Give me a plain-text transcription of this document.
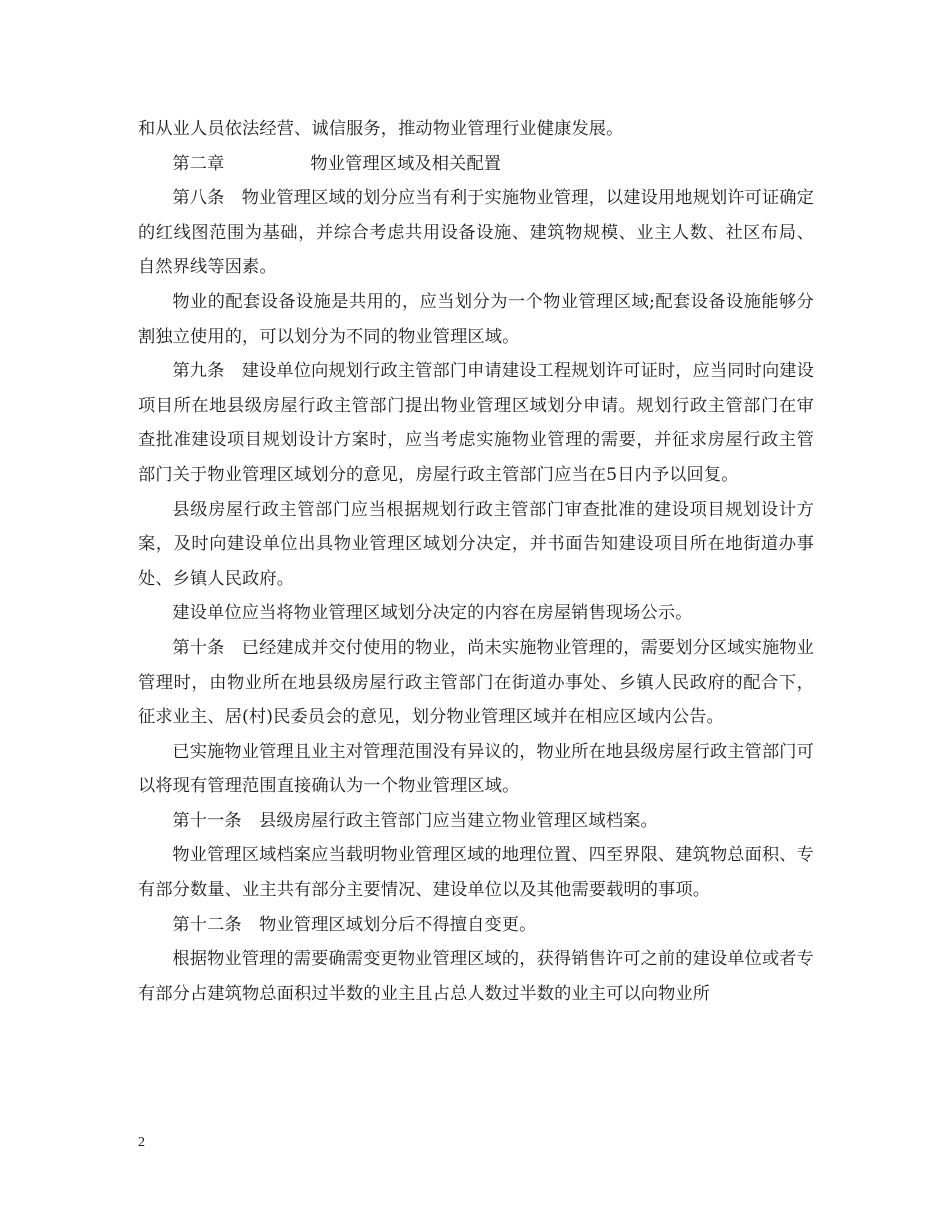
和从业人员依法经营、诚信服务，推动物业管理行业健康发展。

第二章	物业管理区域及相关配置

第八条　物业管理区域的划分应当有利于实施物业管理，以建设用地规划许可证确定的红线图范围为基础，并综合考虑共用设备设施、建筑物规模、业主人数、社区布局、自然界线等因素。

物业的配套设备设施是共用的，应当划分为一个物业管理区域;配套设备设施能够分割独立使用的，可以划分为不同的物业管理区域。

第九条　建设单位向规划行政主管部门申请建设工程规划许可证时，应当同时向建设项目所在地县级房屋行政主管部门提出物业管理区域划分申请。规划行政主管部门在审查批准建设项目规划设计方案时，应当考虑实施物业管理的需要，并征求房屋行政主管部门关于物业管理区域划分的意见，房屋行政主管部门应当在5日内予以回复。

县级房屋行政主管部门应当根据规划行政主管部门审查批准的建设项目规划设计方案，及时向建设单位出具物业管理区域划分决定，并书面告知建设项目所在地街道办事处、乡镇人民政府。

建设单位应当将物业管理区域划分决定的内容在房屋销售现场公示。

第十条　已经建成并交付使用的物业，尚未实施物业管理的，需要划分区域实施物业管理时，由物业所在地县级房屋行政主管部门在街道办事处、乡镇人民政府的配合下，征求业主、居(村)民委员会的意见，划分物业管理区域并在相应区域内公告。

已实施物业管理且业主对管理范围没有异议的，物业所在地县级房屋行政主管部门可以将现有管理范围直接确认为一个物业管理区域。

第十一条　县级房屋行政主管部门应当建立物业管理区域档案。

物业管理区域档案应当载明物业管理区域的地理位置、四至界限、建筑物总面积、专有部分数量、业主共有部分主要情况、建设单位以及其他需要载明的事项。

第十二条　物业管理区域划分后不得擅自变更。

根据物业管理的需要确需变更物业管理区域的，获得销售许可之前的建设单位或者专有部分占建筑物总面积过半数的业主且占总人数过半数的业主可以向物业所

2
